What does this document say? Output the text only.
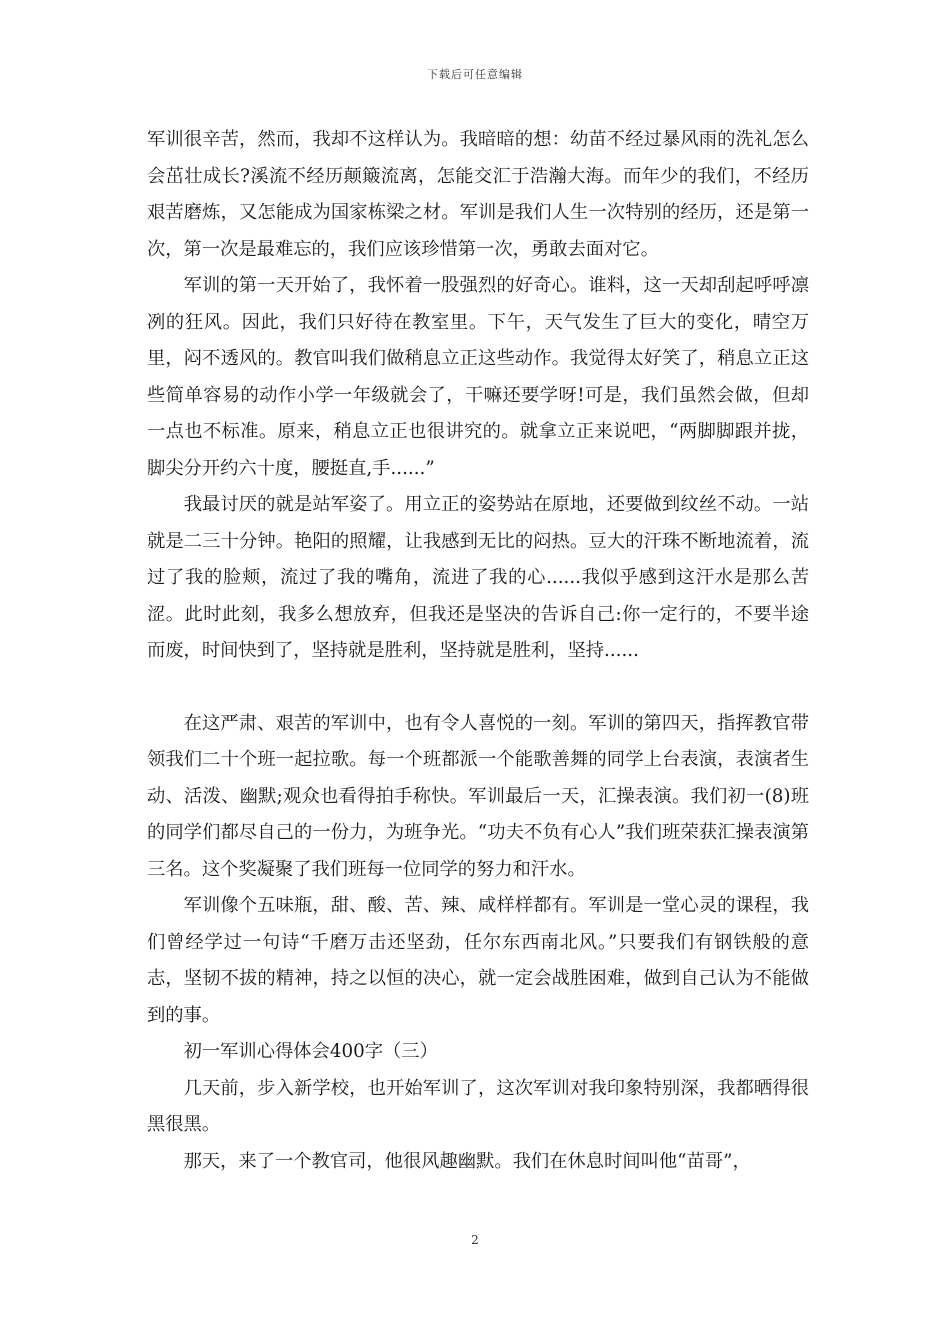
下载后可任意编辑

军训很辛苦，然而，我却不这样认为。我暗暗的想：幼苗不经过暴风雨的洗礼怎么会茁壮成长?溪流不经历颠簸流离，怎能交汇于浩瀚大海。而年少的我们，不经历艰苦磨炼，又怎能成为国家栋梁之材。军训是我们人生一次特别的经历，还是第一次，第一次是最难忘的，我们应该珍惜第一次，勇敢去面对它。

军训的第一天开始了，我怀着一股强烈的好奇心。谁料，这一天却刮起呼呼凛冽的狂风。因此，我们只好待在教室里。下午，天气发生了巨大的变化，晴空万里，闷不透风的。教官叫我们做稍息立正这些动作。我觉得太好笑了，稍息立正这些简单容易的动作小学一年级就会了，干嘛还要学呀!可是，我们虽然会做，但却一点也不标准。原来，稍息立正也很讲究的。就拿立正来说吧，“两脚脚跟并拢，脚尖分开约六十度，腰挺直,手......”

我最讨厌的就是站军姿了。用立正的姿势站在原地，还要做到纹丝不动。一站就是二三十分钟。艳阳的照耀，让我感到无比的闷热。豆大的汗珠不断地流着，流过了我的脸颊，流过了我的嘴角，流进了我的心......我似乎感到这汗水是那么苦涩。此时此刻，我多么想放弃，但我还是坚决的告诉自己:你一定行的，不要半途而废，时间快到了，坚持就是胜利，坚持就是胜利，坚持......

在这严肃、艰苦的军训中，也有令人喜悦的一刻。军训的第四天，指挥教官带领我们二十个班一起拉歌。每一个班都派一个能歌善舞的同学上台表演，表演者生动、活泼、幽默;观众也看得拍手称快。军训最后一天，汇操表演。我们初一(8)班的同学们都尽自己的一份力，为班争光。“功夫不负有心人”我们班荣获汇操表演第三名。这个奖凝聚了我们班每一位同学的努力和汗水。

军训像个五味瓶，甜、酸、苦、辣、咸样样都有。军训是一堂心灵的课程，我们曾经学过一句诗“千磨万击还坚劲，任尔东西南北风。”只要我们有钢铁般的意志，坚韧不拔的精神，持之以恒的决心，就一定会战胜困难，做到自己认为不能做到的事。

初一军训心得体会400字（三）

几天前，步入新学校，也开始军训了，这次军训对我印象特别深，我都晒得很黑很黑。

那天，来了一个教官司，他很风趣幽默。我们在休息时间叫他“苗哥”，

2
